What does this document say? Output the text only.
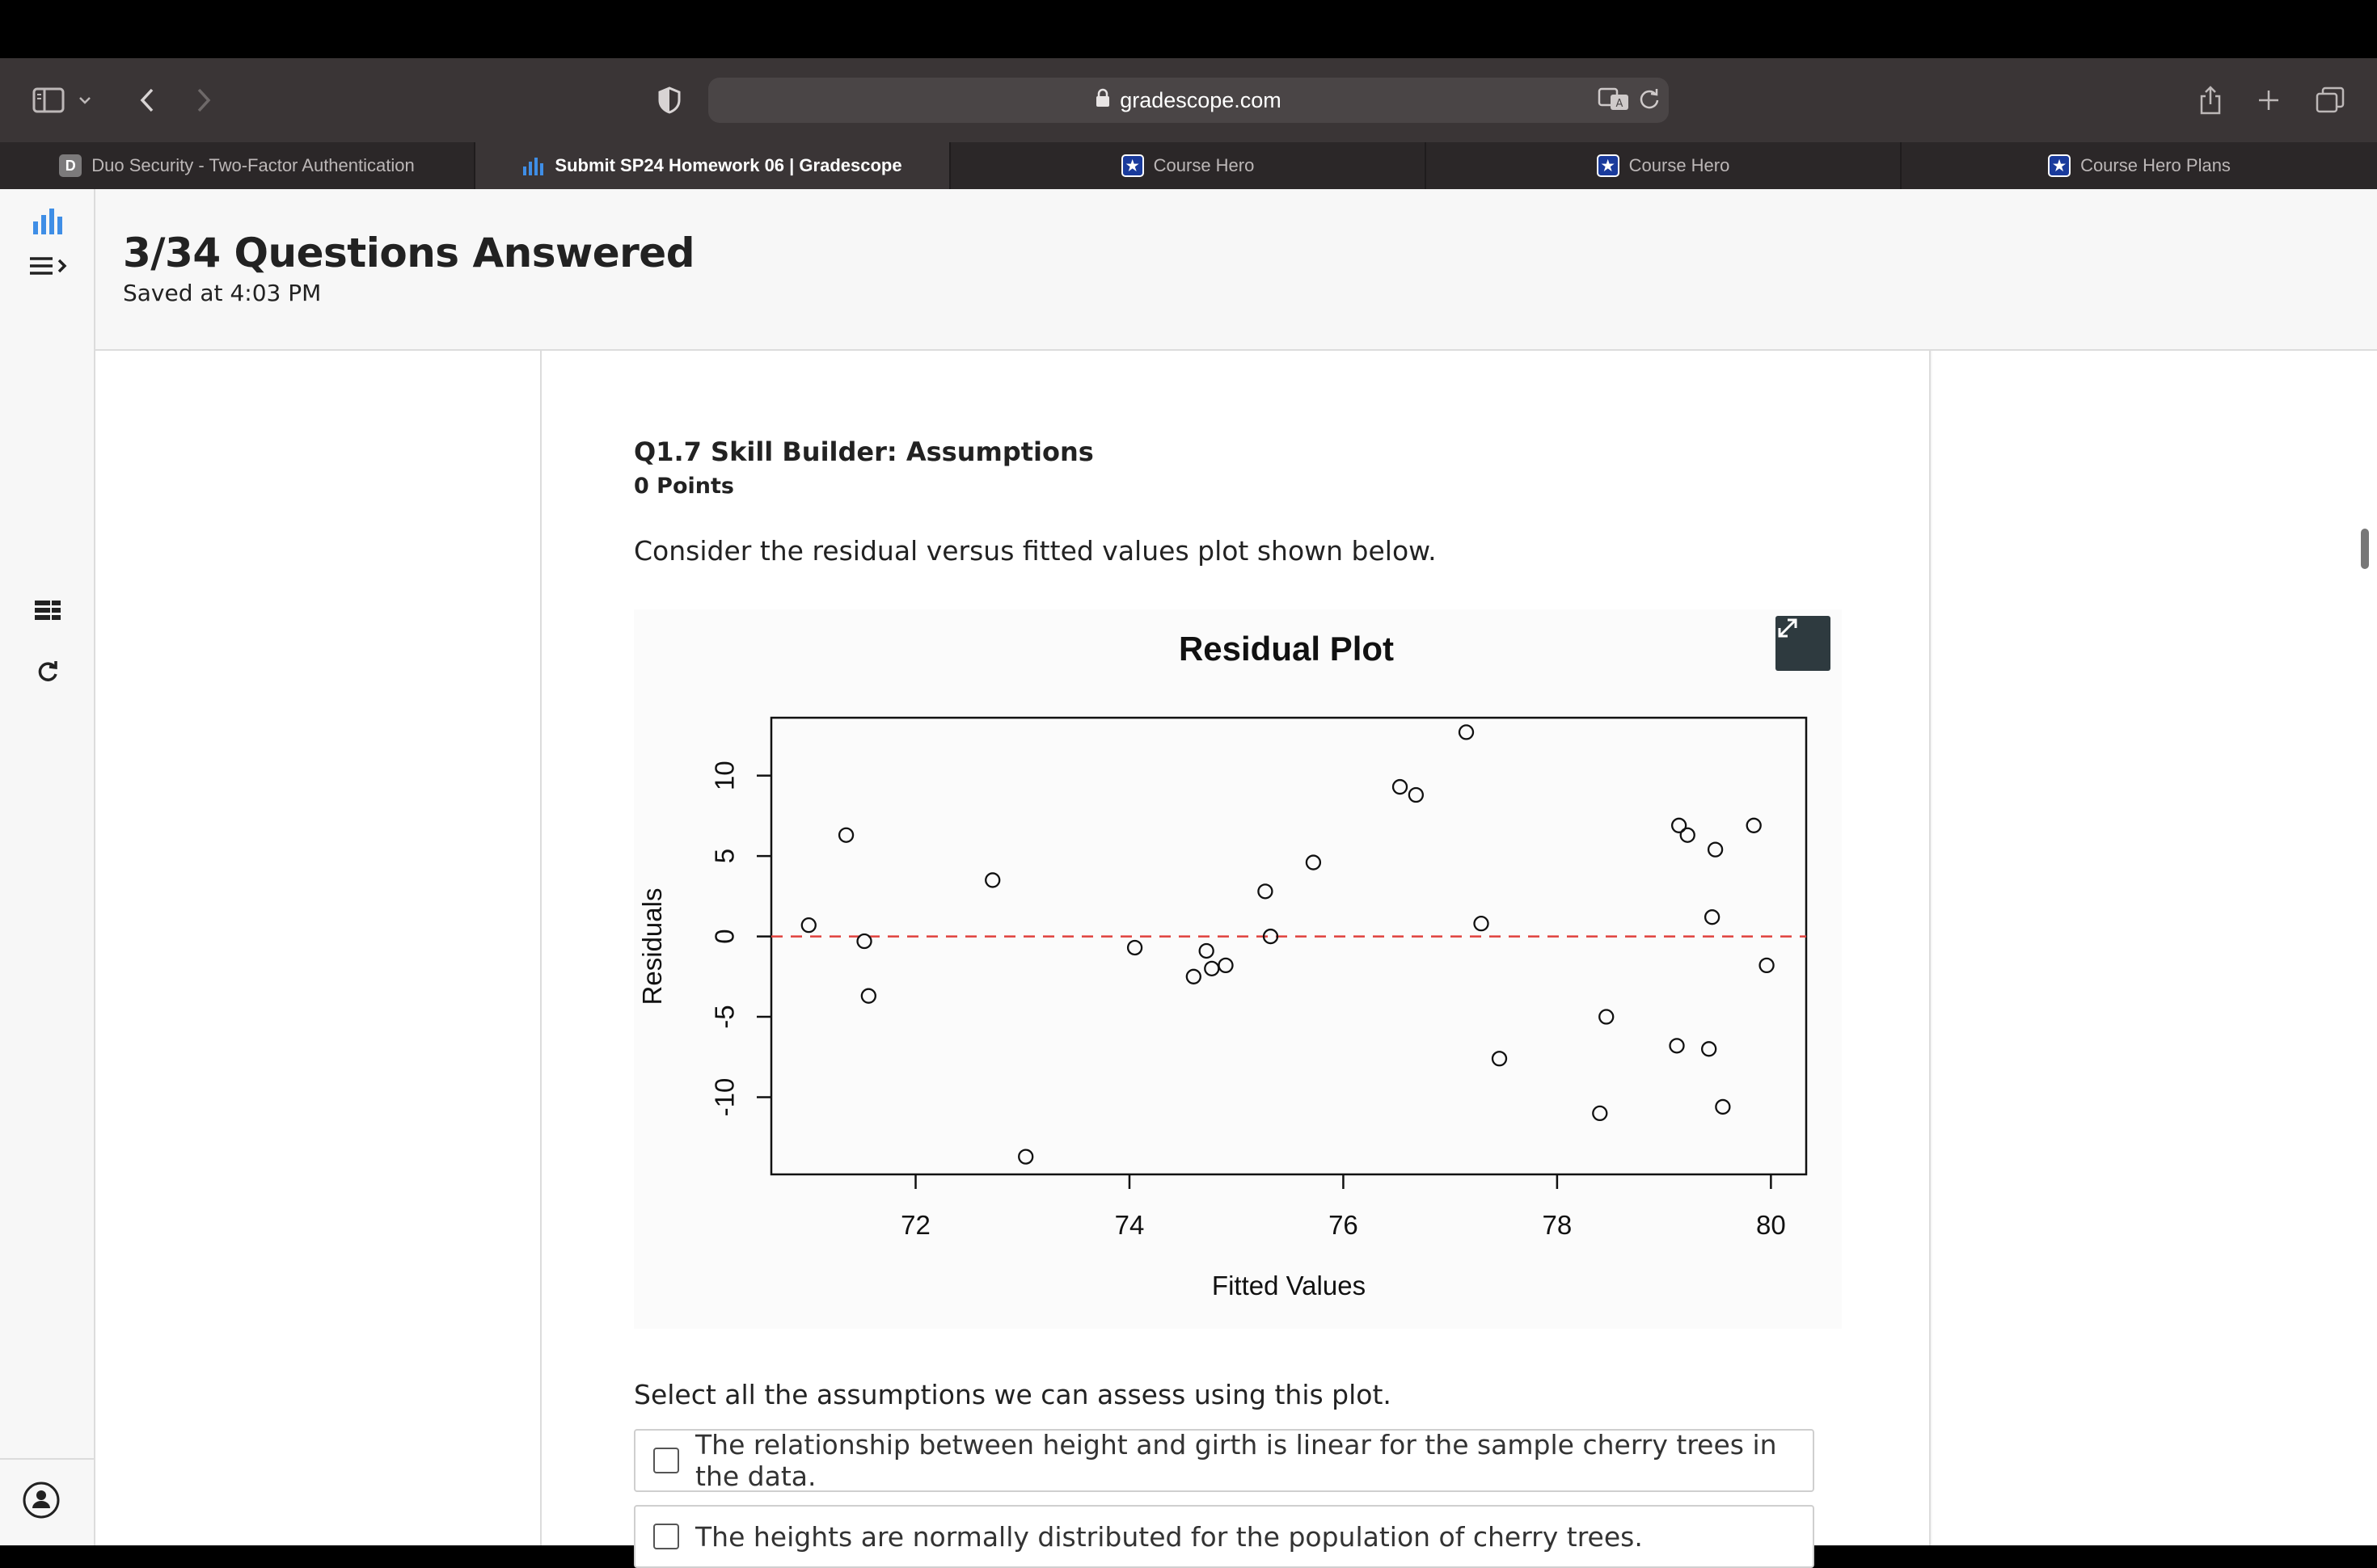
gradescope.com	A
D Duo Security - Two-Factor Authentication	Submit SP24 Homework 06 | Gradescope	★ Course Hero	★ Course Hero	★ Course Hero Plans
3/34 Questions Answered
Saved at 4:03 PM
Q1.7 Skill Builder: Assumptions
0 Points
Consider the residual versus fitted values plot shown below.
Residual Plot
Fitted Values
Residuals
72	74	76	78	80
-10
-5
0
5
10
Select all the assumptions we can assess using this plot.
The relationship between height and girth is linear for the sample cherry trees in the data.
The heights are normally distributed for the population of cherry trees.
